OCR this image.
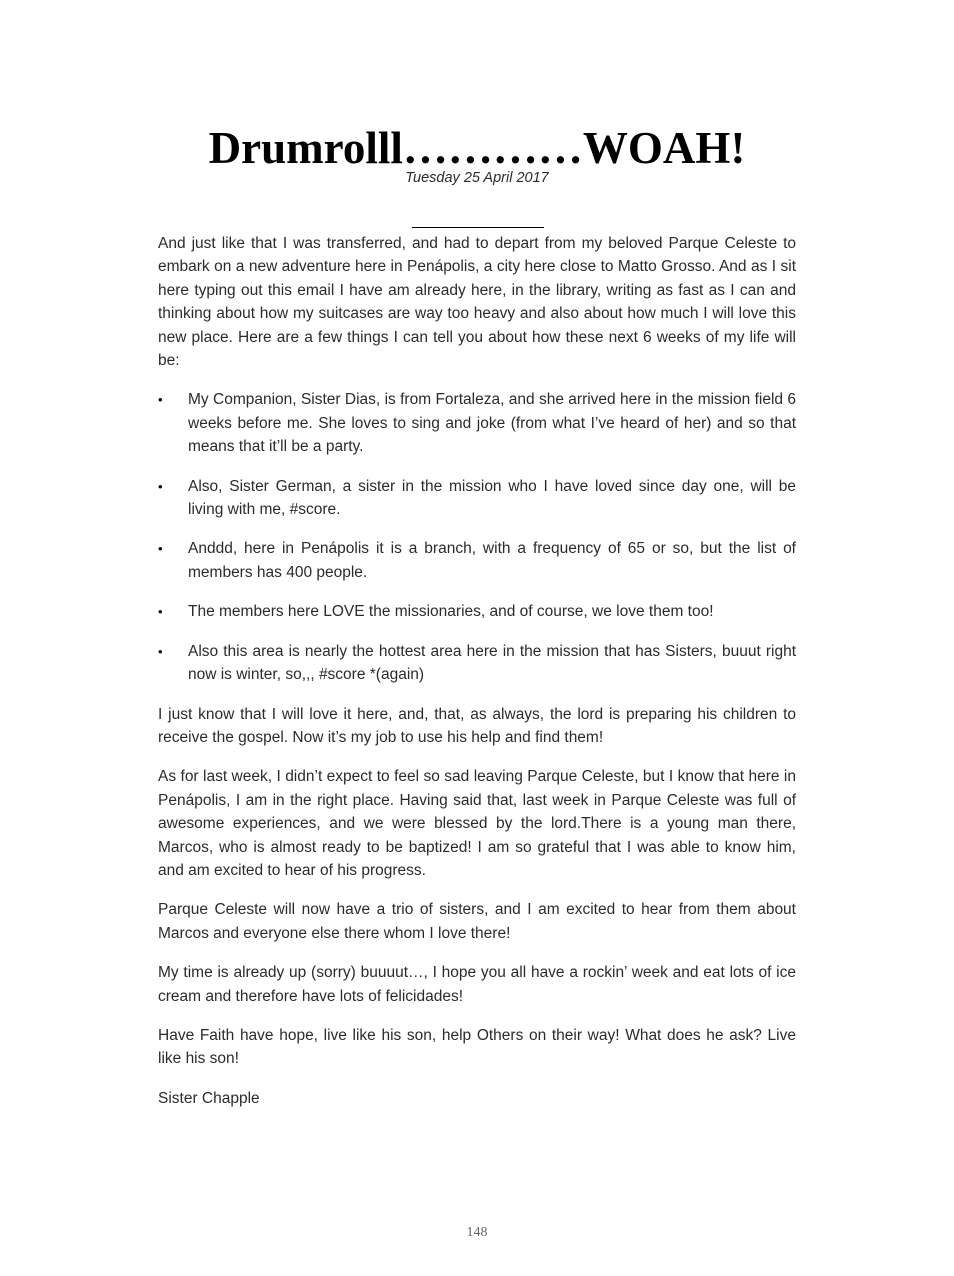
Drumrolll…………WOAH!
Tuesday 25 April 2017

And just like that I was transferred, and had to depart from my beloved Parque Celeste to embark on a new adventure here in Penápolis, a city here close to Matto Grosso. And as I sit here typing out this email I have am already here, in the library, writing as fast as I can and thinking about how my suitcases are way too heavy and also about how much I will love this new place. Here are a few things I can tell you about how these next 6 weeks of my life will be:

• My Companion, Sister Dias, is from Fortaleza, and she arrived here in the mission field 6 weeks before me. She loves to sing and joke (from what I’ve heard of her) and so that means that it’ll be a party.
• Also, Sister German, a sister in the mission who I have loved since day one, will be living with me, #score.
• Anddd, here in Penápolis it is a branch, with a frequency of 65 or so, but the list of members has 400 people.
• The members here LOVE the missionaries, and of course, we love them too!
• Also this area is nearly the hottest area here in the mission that has Sisters, buuut right now is winter, so,,, #score *(again)

I just know that I will love it here, and, that, as always, the lord is preparing his children to receive the gospel. Now it’s my job to use his help and find them!

As for last week, I didn’t expect to feel so sad leaving Parque Celeste, but I know that here in Penápolis, I am in the right place. Having said that, last week in Parque Celeste was full of awesome experiences, and we were blessed by the lord.There is a young man there, Marcos, who is almost ready to be baptized! I am so grateful that I was able to know him, and am excited to hear of his progress.

Parque Celeste will now have a trio of sisters, and I am excited to hear from them about Marcos and everyone else there whom I love there!

My time is already up (sorry) buuuut…, I hope you all have a rockin’ week and eat lots of ice cream and therefore have lots of felicidades!

Have Faith have hope, live like his son, help Others on their way! What does he ask? Live like his son!

Sister Chapple

148
